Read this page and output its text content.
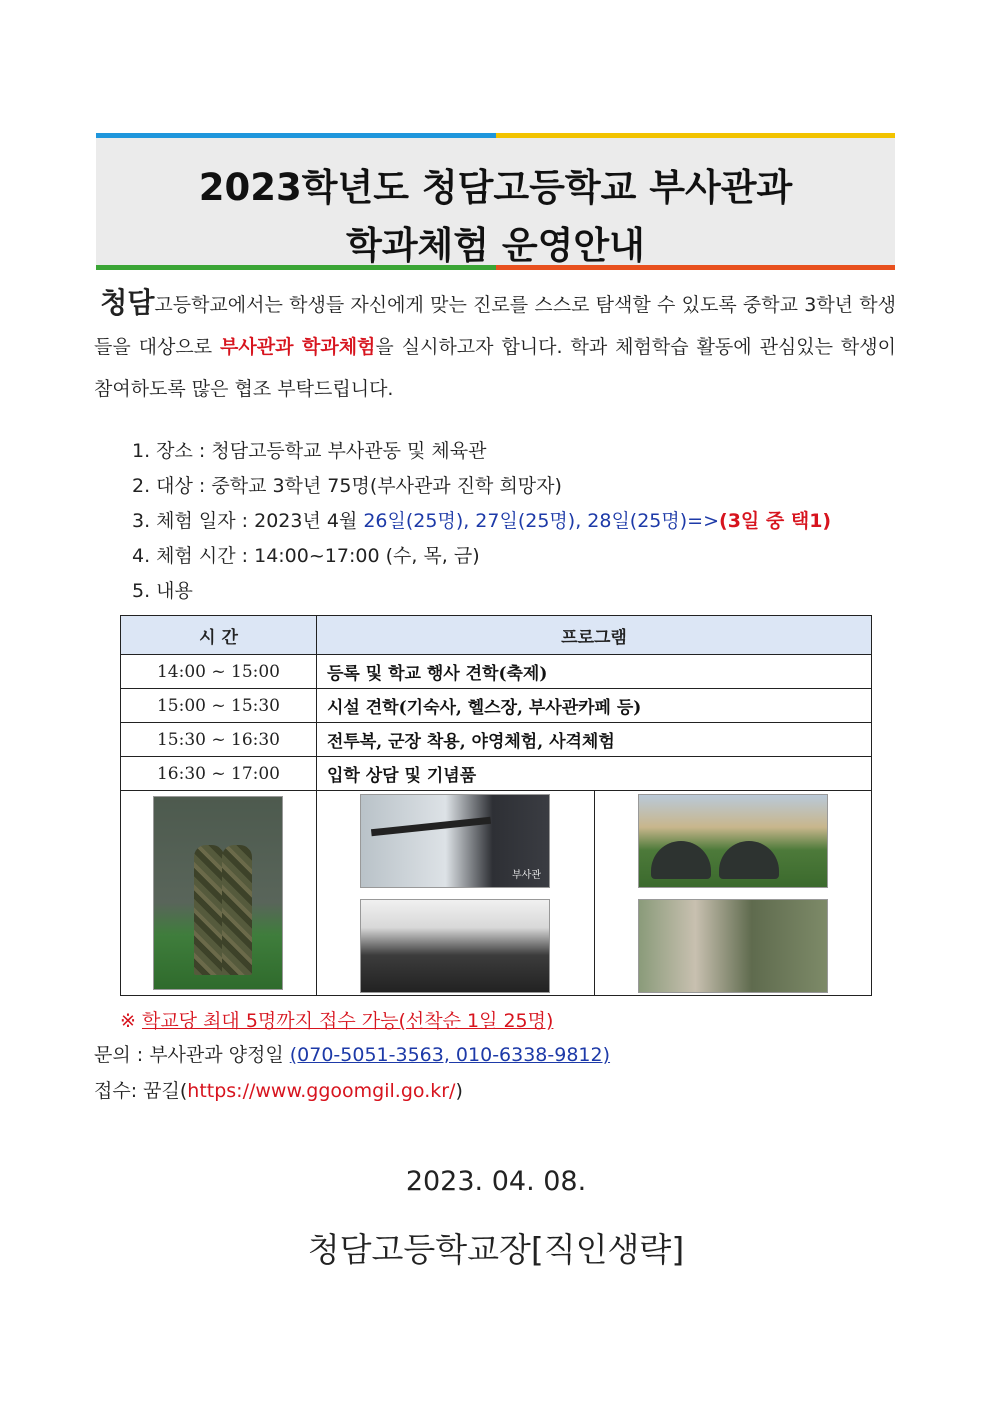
2023학년도 청담고등학교 부사관과
학과체험 운영안내
청담고등학교에서는 학생들 자신에게 맞는 진로를 스스로 탐색할 수 있도록 중학교 3학년 학생들을 대상으로 부사관과 학과체험을 실시하고자 합니다. 학과 체험학습 활동에 관심있는 학생이 참여하도록 많은 협조 부탁드립니다.
1. 장소 : 청담고등학교 부사관동 및 체육관
2. 대상 : 중학교 3학년 75명(부사관과 진학 희망자)
3. 체험 일자 : 2023년 4월 26일(25명), 27일(25명), 28일(25명)=>(3일 중 택1)
4. 체험 시간 : 14:00~17:00 (수, 목, 금)
5. 내용
시 간	프로그램	
14:00 ~ 15:00	등록 및 학교 행사 견학(축제)	
15:00 ~ 15:30	시설 견학(기숙사, 헬스장, 부사관카페 등)	
15:30 ~ 16:30	전투복, 군장 착용, 야영체험, 사격체험	
16:30 ~ 17:00	입학 상담 및 기념품	

	부사관	

※ 학교당 최대 5명까지 접수 가능(선착순 1일 25명)
문의 : 부사관과 양정일 (070-5051-3563, 010-6338-9812)
접수: 꿈길(https://www.ggoomgil.go.kr/)
2023. 04. 08.
청담고등학교장[직인생략]
